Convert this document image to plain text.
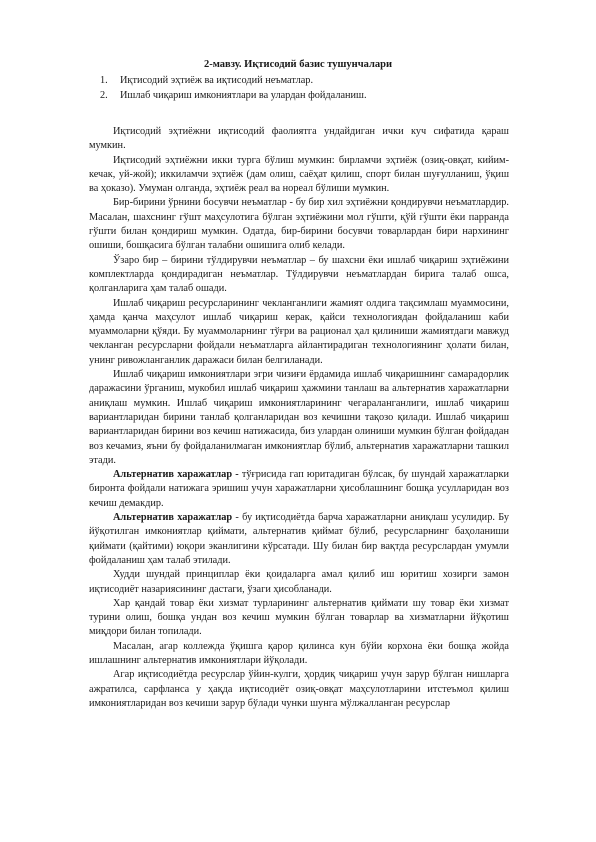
2-мавзу. Иқтисодий базис тушунчалари
1. Иқтисодий эҳтиёж ва иқтисодий неъматлар.
2. Ишлаб чиқариш имкониятлари ва улардан фойдаланиш.

Иқтисодий эҳтиёжни иқтисодий фаолиятга ундайдиган ички куч сифатида қараш мумкин.

Иқтисодий эҳтиёжни икки турга бўлиш мумкин: бирламчи эҳтиёж (озиқ-овқат, кийим-кечак, уй-жой); иккиламчи эҳтиёж (дам олиш, саёҳат қилиш, спорт билан шуғулланиш, ўқиш ва ҳоказо). Умуман олганда, эҳтиёж реал ва нореал бўлиши мумкин.

Бир-бирини ўрнини босувчи неъматлар - бу бир хил эҳтиёжни қондирувчи неъматлардир. Масалан, шахснинг гўшт маҳсулотига бўлган эҳтиёжини мол гўшти, қўй гўшти ёки парранда гўшти билан қондириш мумкин. Одатда, бир-бирини босувчи товарлардан бири нархининг ошиши, бошқасига бўлган талабни ошишига олиб келади.

Ўзаро бир – бирини тўлдирувчи неъматлар – бу шахсни ёки ишлаб чиқариш эҳтиёжини комплектларда қондирадиган неъматлар. Тўлдирувчи неъматлардан бирига талаб ошса, қолганларига ҳам талаб ошади.

Ишлаб чиқариш ресурсларининг чекланганлиги жамият олдига тақсимлаш муаммосини, ҳамда қанча маҳсулот ишлаб чиқариш керак, қайси технологиядан фойдаланиш каби муаммоларни қўяди. Бу муаммоларнинг тўғри ва рационал ҳал қилиниши жамиятдаги мавжуд чекланган ресурсларни фойдали неъматларга айлантирадиган технологиянинг ҳолати билан, унинг ривожланганлик даражаси билан белгиланади.

Ишлаб чиқариш имкониятлари эгри чизиғи ёрдамида ишлаб чиқаришнинг самарадорлик даражасини ўрганиш, мукобил ишлаб чиқариш ҳажмини танлаш ва альтернатив харажатларни аниқлаш мумкин. Ишлаб чиқариш имкониятларининг чегараланганлиги, ишлаб чиқариш вариантларидан бирини танлаб қолганларидан воз кечишни тақозо қилади. Ишлаб чиқариш вариантларидан бирини воз кечиш натижасида, биз улардан олиниши мумкин бўлган фойдадан воз кечамиз, яъни бу фойдаланилмаган имкониятлар бўлиб, альтернатив харажатларни ташкил этади.

Альтернатив харажатлар - тўғрисида гап юритадиган бўлсак, бу шундай харажатларки биронта фойдали натижага эришиш учун харажатларни ҳисоблашнинг бошқа усулларидан воз кечиш демакдир.

Альтернатив харажатлар - бу иқтисодиётда барча харажатларни аниқлаш усулидир. Бу йўқотилган имкониятлар қиймати, альтернатив қиймат бўлиб, ресурсларнинг баҳоланиши қиймати (қайтими) юқори эканлигини кўрсатади. Шу билан бир вақтда ресурслардан умумли фойдаланиш ҳам талаб этилади.

Худди шундай принциплар ёки қоидаларга амал қилиб иш юритиш хозирги замон иқтисодиёт назариясининг дастаги, ўзаги ҳисобланади.

Хар қандай товар ёки хизмат турларининг альтернатив қиймати шу товар ёки хизмат турини олиш, бошқа ундан воз кечиш мумкин бўлган товарлар ва хизматларни йўқотиш миқдори билан топилади.

Масалан, агар коллеждa ўқишга қарор қилинса кун бўйи корхона ёки бошқа жойда ишлашнинг альтернатив имкониятлари йўқолади.

Агар иқтисодиётда ресурслар ўйин-кулги, ҳордиқ чиқариш учун зарур бўлган нишларга ажратилса, сарфланса у ҳақда иқтисодиёт озиқ-овқат маҳсулотларини итстеъмол қилиш имкониятларидан воз кечиши зарур бўлади чунки шунга мўлжалланган ресурслар
